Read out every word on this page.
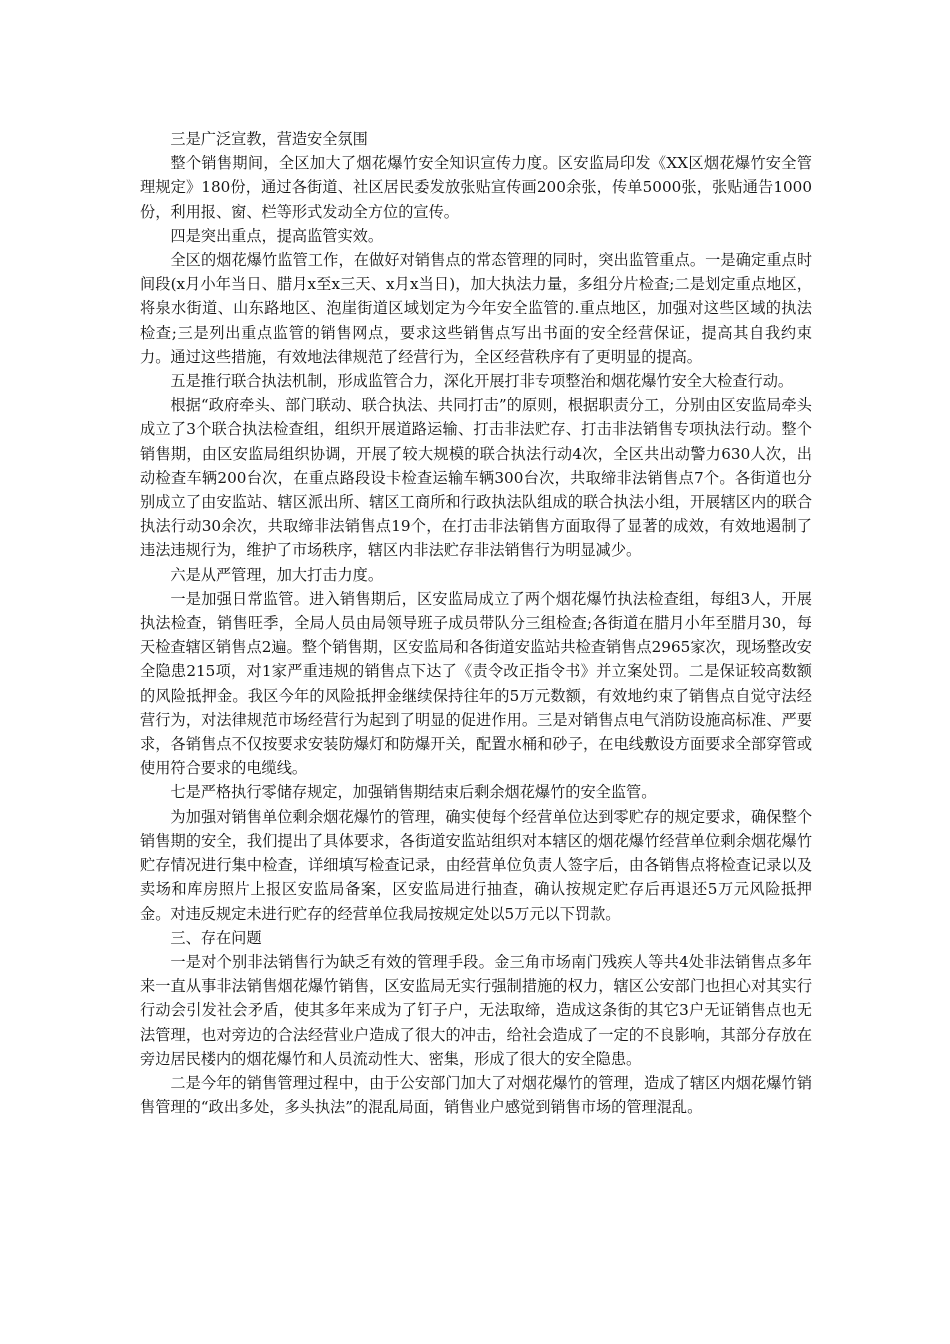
三是广泛宣教，营造安全氛围

整个销售期间，全区加大了烟花爆竹安全知识宣传力度。区安监局印发《XX区烟花爆竹安全管理规定》180份，通过各街道、社区居民委发放张贴宣传画200余张，传单5000张，张贴通告1000份，利用报、窗、栏等形式发动全方位的宣传。

四是突出重点，提高监管实效。

全区的烟花爆竹监管工作，在做好对销售点的常态管理的同时，突出监管重点。一是确定重点时间段(x月小年当日、腊月x至x三天、x月x当日)，加大执法力量，多组分片检查;二是划定重点地区，将泉水街道、山东路地区、泡崖街道区域划定为今年安全监管的.重点地区，加强对这些区域的执法检查;三是列出重点监管的销售网点，要求这些销售点写出书面的安全经营保证，提高其自我约束力。通过这些措施，有效地法律规范了经营行为，全区经营秩序有了更明显的提高。

五是推行联合执法机制，形成监管合力，深化开展打非专项整治和烟花爆竹安全大检查行动。

根据“政府牵头、部门联动、联合执法、共同打击”的原则，根据职责分工，分别由区安监局牵头成立了3个联合执法检查组，组织开展道路运输、打击非法贮存、打击非法销售专项执法行动。整个销售期，由区安监局组织协调，开展了较大规模的联合执法行动4次，全区共出动警力630人次，出动检查车辆200台次，在重点路段设卡检查运输车辆300台次，共取缔非法销售点7个。各街道也分别成立了由安监站、辖区派出所、辖区工商所和行政执法队组成的联合执法小组，开展辖区内的联合执法行动30余次，共取缔非法销售点19个，在打击非法销售方面取得了显著的成效，有效地遏制了违法违规行为，维护了市场秩序，辖区内非法贮存非法销售行为明显减少。

六是从严管理，加大打击力度。

一是加强日常监管。进入销售期后，区安监局成立了两个烟花爆竹执法检查组，每组3人，开展执法检查，销售旺季，全局人员由局领导班子成员带队分三组检查;各街道在腊月小年至腊月30，每天检查辖区销售点2遍。整个销售期，区安监局和各街道安监站共检查销售点2965家次，现场整改安全隐患215项，对1家严重违规的销售点下达了《责令改正指令书》并立案处罚。二是保证较高数额的风险抵押金。我区今年的风险抵押金继续保持往年的5万元数额，有效地约束了销售点自觉守法经营行为，对法律规范市场经营行为起到了明显的促进作用。三是对销售点电气消防设施高标准、严要求，各销售点不仅按要求安装防爆灯和防爆开关，配置水桶和砂子，在电线敷设方面要求全部穿管或使用符合要求的电缆线。

七是严格执行零储存规定，加强销售期结束后剩余烟花爆竹的安全监管。

为加强对销售单位剩余烟花爆竹的管理，确实使每个经营单位达到零贮存的规定要求，确保整个销售期的安全，我们提出了具体要求，各街道安监站组织对本辖区的烟花爆竹经营单位剩余烟花爆竹贮存情况进行集中检查，详细填写检查记录，由经营单位负责人签字后，由各销售点将检查记录以及卖场和库房照片上报区安监局备案，区安监局进行抽查，确认按规定贮存后再退还5万元风险抵押金。对违反规定未进行贮存的经营单位我局按规定处以5万元以下罚款。

三、存在问题

一是对个别非法销售行为缺乏有效的管理手段。金三角市场南门残疾人等共4处非法销售点多年来一直从事非法销售烟花爆竹销售，区安监局无实行强制措施的权力，辖区公安部门也担心对其实行行动会引发社会矛盾，使其多年来成为了钉子户，无法取缔，造成这条街的其它3户无证销售点也无法管理，也对旁边的合法经营业户造成了很大的冲击，给社会造成了一定的不良影响，其部分存放在旁边居民楼内的烟花爆竹和人员流动性大、密集，形成了很大的安全隐患。

二是今年的销售管理过程中，由于公安部门加大了对烟花爆竹的管理，造成了辖区内烟花爆竹销售管理的“政出多处，多头执法”的混乱局面，销售业户感觉到销售市场的管理混乱。
